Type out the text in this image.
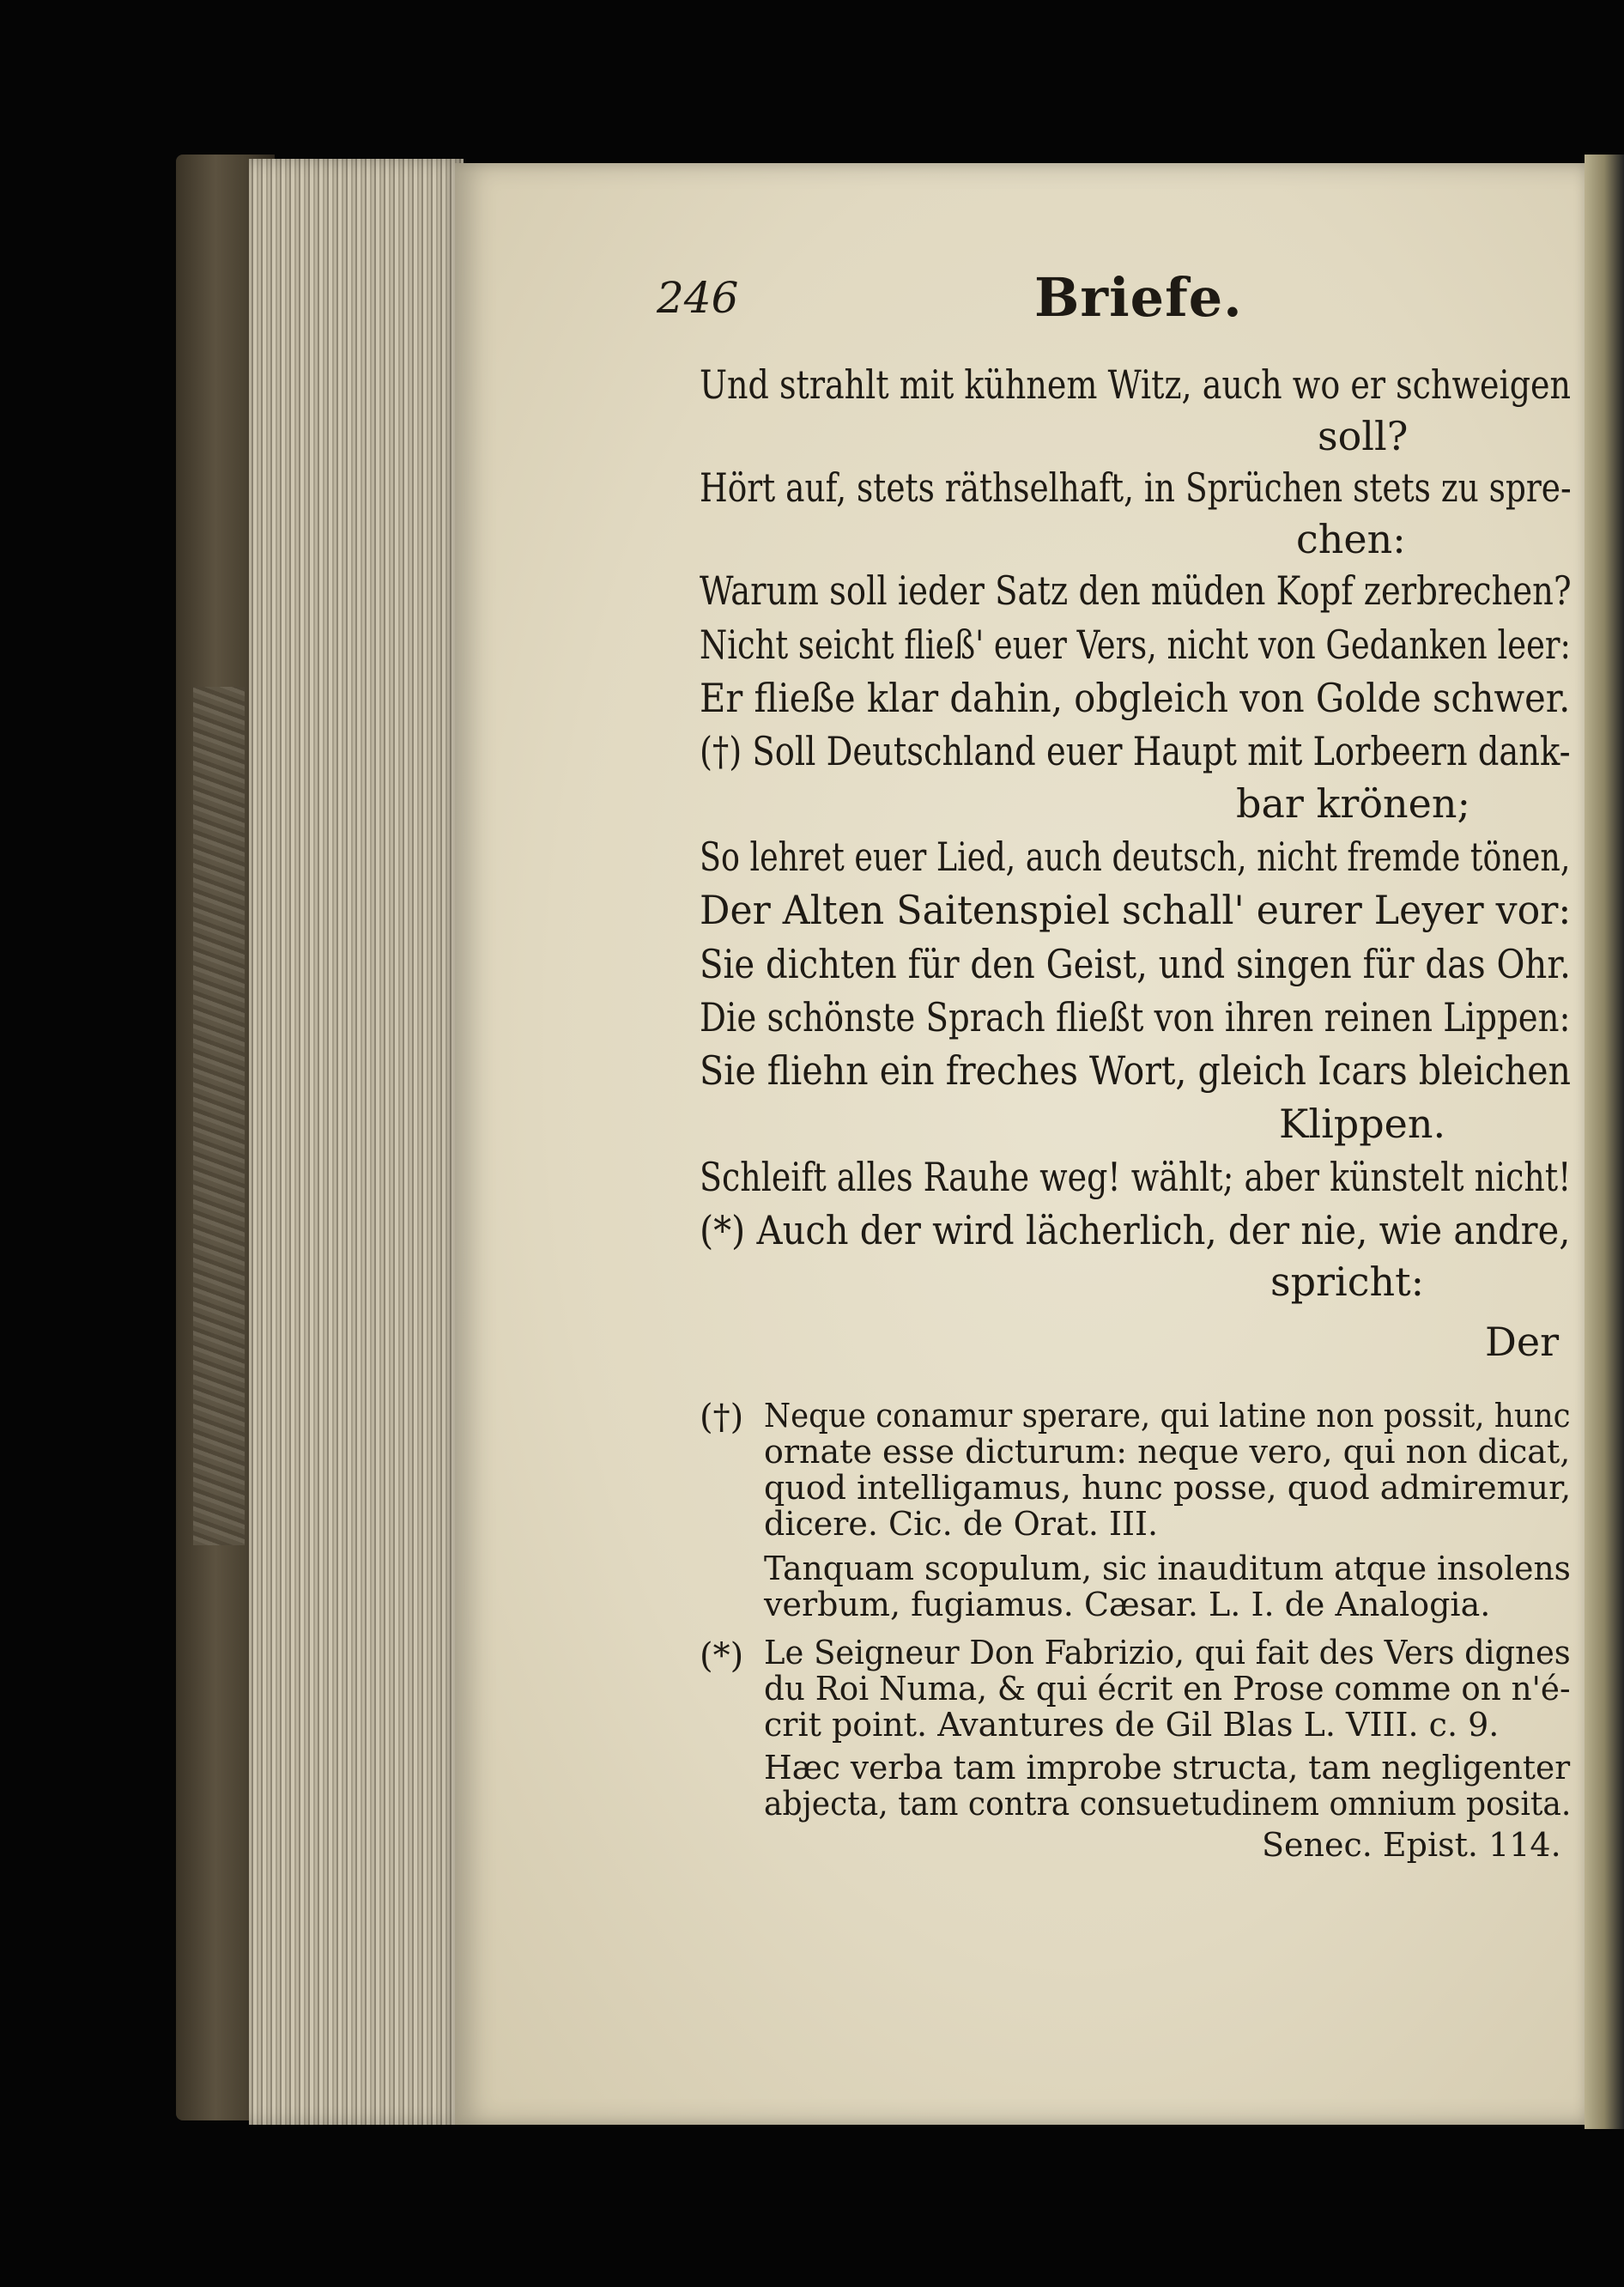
246	Briefe.
Und strahlt mit kühnem Witz, auch wo er schweigen
soll?
Hört auf, stets räthselhaft, in Sprüchen stets zu spre-
chen:
Warum soll ieder Satz den müden Kopf zerbrechen?
Nicht seicht fließ' euer Vers, nicht von Gedanken leer:
Er fließe klar dahin, obgleich von Golde schwer.
(†) Soll Deutschland euer Haupt mit Lorbeern dank-
bar krönen;
So lehret euer Lied, auch deutsch, nicht fremde tönen,
Der Alten Saitenspiel schall' eurer Leyer vor:
Sie dichten für den Geist, und singen für das Ohr.
Die schönste Sprach fließt von ihren reinen Lippen:
Sie fliehn ein freches Wort, gleich Icars bleichen
Klippen.
Schleift alles Rauhe weg! wählt; aber künstelt nicht!
(*) Auch der wird lächerlich, der nie, wie andre,
spricht:
Der
(†) Neque conamur sperare, qui latine non possit, hunc
ornate esse dicturum: neque vero, qui non dicat,
quod intelligamus, hunc posse, quod admiremur,
dicere. Cic. de Orat. III.
Tanquam scopulum, sic inauditum atque insolens
verbum, fugiamus. Cæsar. L. I. de Analogia.
(*) Le Seigneur Don Fabrizio, qui fait des Vers dignes
du Roi Numa, & qui écrit en Prose comme on n'é-
crit point. Avantures de Gil Blas L. VIII. c. 9.
Hæc verba tam improbe structa, tam negligenter
abjecta, tam contra consuetudinem omnium posita.
Senec. Epist. 114.
